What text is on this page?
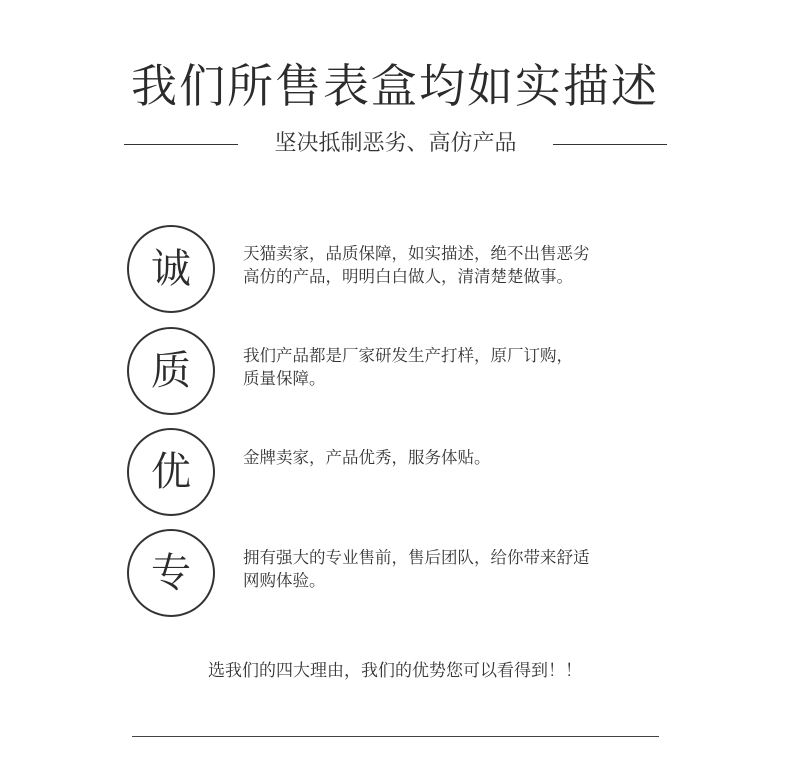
我们所售表盒均如实描述
坚决抵制恶劣、高仿产品
诚	天猫卖家，品质保障，如实描述，绝不出售恶劣
高仿的产品，明明白白做人，清清楚楚做事。
质	我们产品都是厂家研发生产打样，原厂订购，
质量保障。
优	金牌卖家，产品优秀，服务体贴。
专	拥有强大的专业售前，售后团队，给你带来舒适
网购体验。
选我们的四大理由，我们的优势您可以看得到！！
